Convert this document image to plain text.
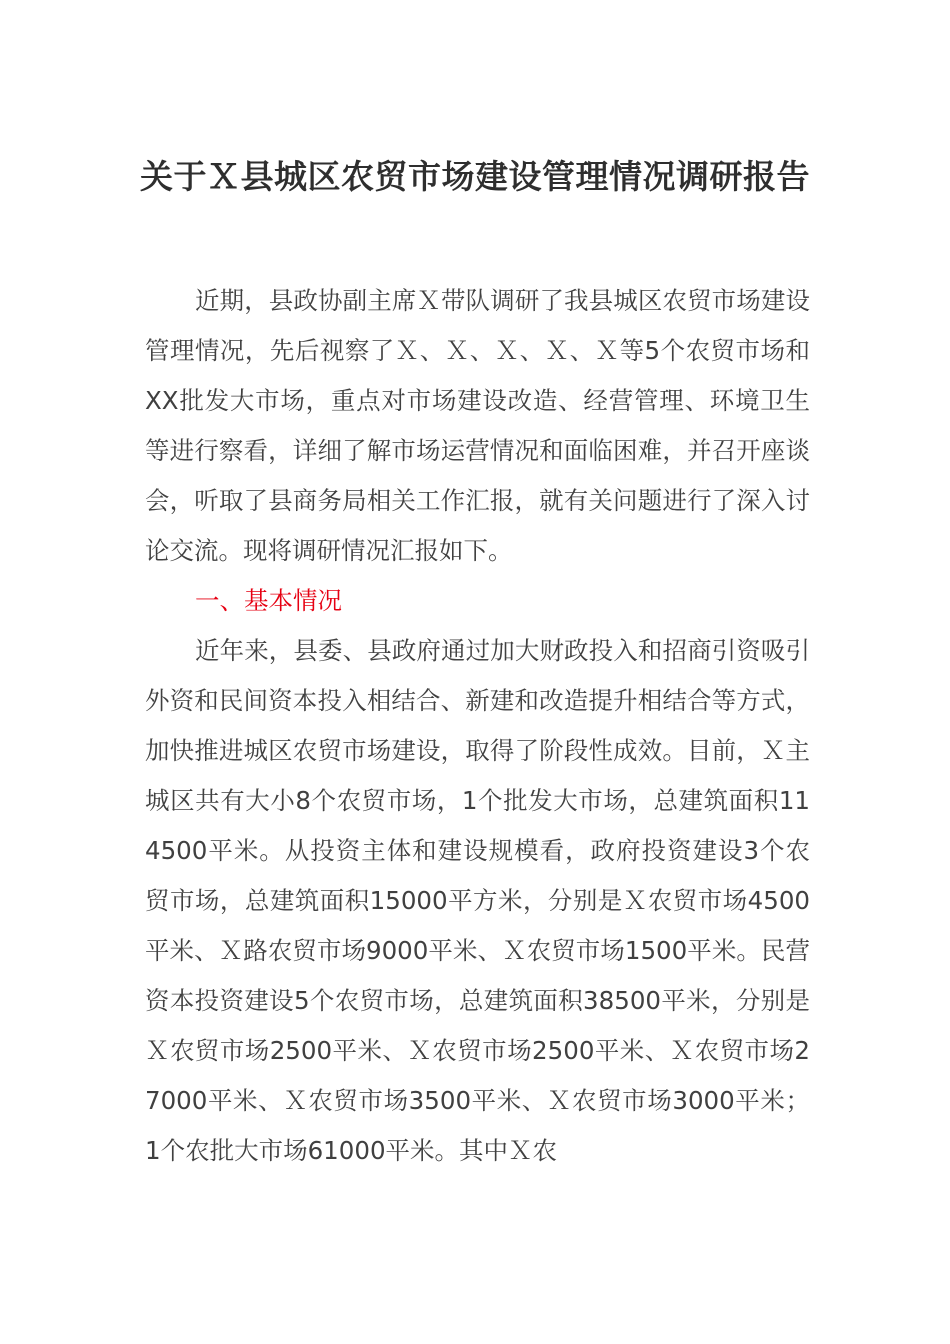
关于Ｘ县城区农贸市场建设管理情况调研报告

近期，县政协副主席Ｘ带队调研了我县城区农贸市场建设管理情况，先后视察了Ｘ、Ｘ、Ｘ、Ｘ、Ｘ等5个农贸市场和XX批发大市场，重点对市场建设改造、经营管理、环境卫生等进行察看，详细了解市场运营情况和面临困难，并召开座谈会，听取了县商务局相关工作汇报，就有关问题进行了深入讨论交流。现将调研情况汇报如下。

一、基本情况

近年来，县委、县政府通过加大财政投入和招商引资吸引外资和民间资本投入相结合、新建和改造提升相结合等方式，加快推进城区农贸市场建设，取得了阶段性成效。目前，Ｘ主城区共有大小8个农贸市场，1个批发大市场，总建筑面积114500平米。从投资主体和建设规模看，政府投资建设3个农贸市场，总建筑面积15000平方米，分别是Ｘ农贸市场4500平米、Ｘ路农贸市场9000平米、Ｘ农贸市场1500平米。民营资本投资建设5个农贸市场，总建筑面积38500平米，分别是Ｘ农贸市场2500平米、Ｘ农贸市场2500平米、Ｘ农贸市场27000平米、Ｘ农贸市场3500平米、Ｘ农贸市场3000平米；1个农批大市场61000平米。其中Ｘ农
